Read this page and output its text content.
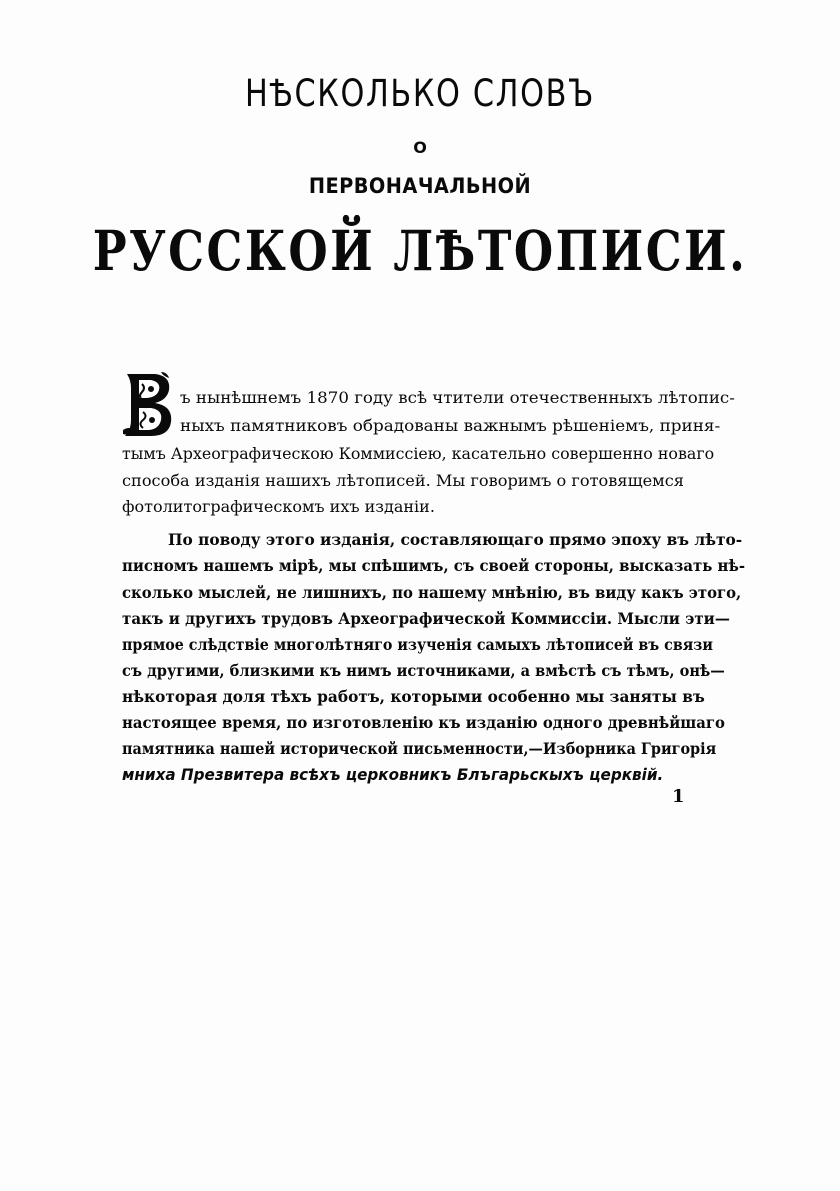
НѢСКОЛЬКО СЛОВЪ
О
ПЕРВОНАЧАЛЬНОЙ
РУССКОЙ ЛѢТОПИСИ.
ъ нынѣшнемъ 1870 году всѣ чтители отечественныхъ лѣтопис-
ныхъ памятниковъ обрадованы важнымъ рѣшеніемъ, приня-
тымъ Археографическою Коммиссіею, касательно совершенно новаго
способа изданія нашихъ лѣтописей. Мы говоримъ о готовящемся
фотолитографическомъ ихъ изданіи.
По поводу этого изданія, составляющаго прямо эпоху въ лѣто-
писномъ нашемъ мірѣ, мы спѣшимъ, съ своей стороны, высказать нѣ-
сколько мыслей, не лишнихъ, по нашему мнѣнію, въ виду какъ этого,
такъ и другихъ трудовъ Археографической Коммиссіи. Мысли эти—
прямое слѣдствіе многолѣтняго изученія самыхъ лѣтописей въ связи
съ другими, близкими къ нимъ источниками, а вмѣстѣ съ тѣмъ, онѣ—
нѣкоторая доля тѣхъ работъ, которыми особенно мы заняты въ
настоящее время, по изготовленію къ изданію одного древнѣйшаго
памятника нашей исторической письменности,—Изборника Григорія
мниха Презвитера всѣхъ церковникъ Блъгарьскыхъ церквій.
1
